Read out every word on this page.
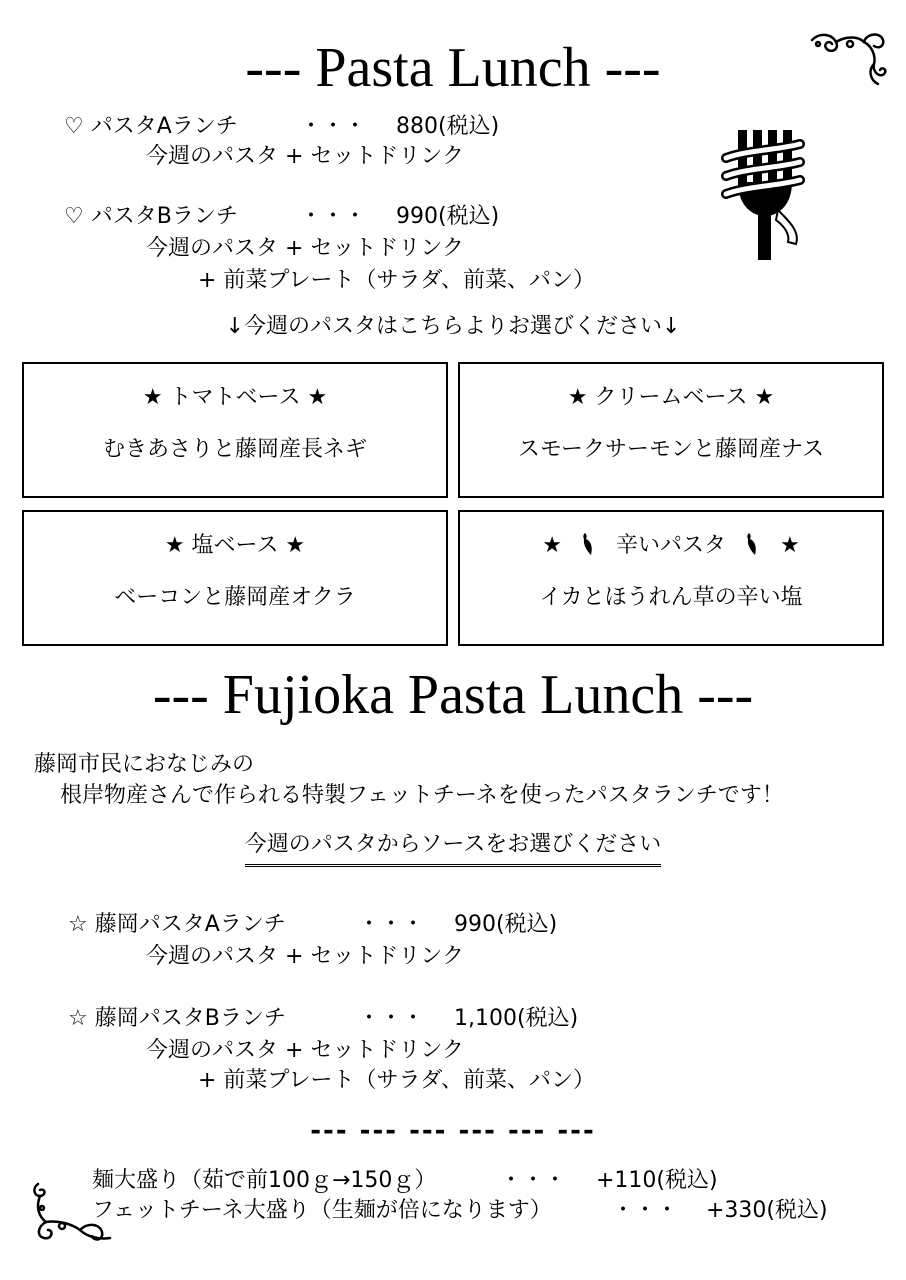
--- Pasta Lunch ---
♡ パスタAランチ	・・・ 880(税込)
今週のパスタ + セットドリンク
♡ パスタBランチ	・・・ 990(税込)
今週のパスタ + セットドリンク
+ 前菜プレート（サラダ、前菜、パン）
↓今週のパスタはこちらよりお選びください↓
★ トマトベース ★
むきあさりと藤岡産長ネギ
★ クリームベース ★
スモークサーモンと藤岡産ナス
★ 塩ベース ★
ベーコンと藤岡産オクラ
★ 辛いパスタ ★
イカとほうれん草の辛い塩
--- Fujioka Pasta Lunch ---
藤岡市民におなじみの
根岸物産さんで作られる特製フェットチーネを使ったパスタランチです！
今週のパスタからソースをお選びください
☆ 藤岡パスタAランチ	・・・ 990(税込)
今週のパスタ + セットドリンク
☆ 藤岡パスタBランチ	・・・ 1,100(税込)
今週のパスタ + セットドリンク
+ 前菜プレート（サラダ、前菜、パン）
--- --- --- --- --- ---
麺大盛り（茹で前100ｇ→150ｇ）	・・・ +110(税込)
フェットチーネ大盛り（生麺が倍になります）	・・・ +330(税込)
